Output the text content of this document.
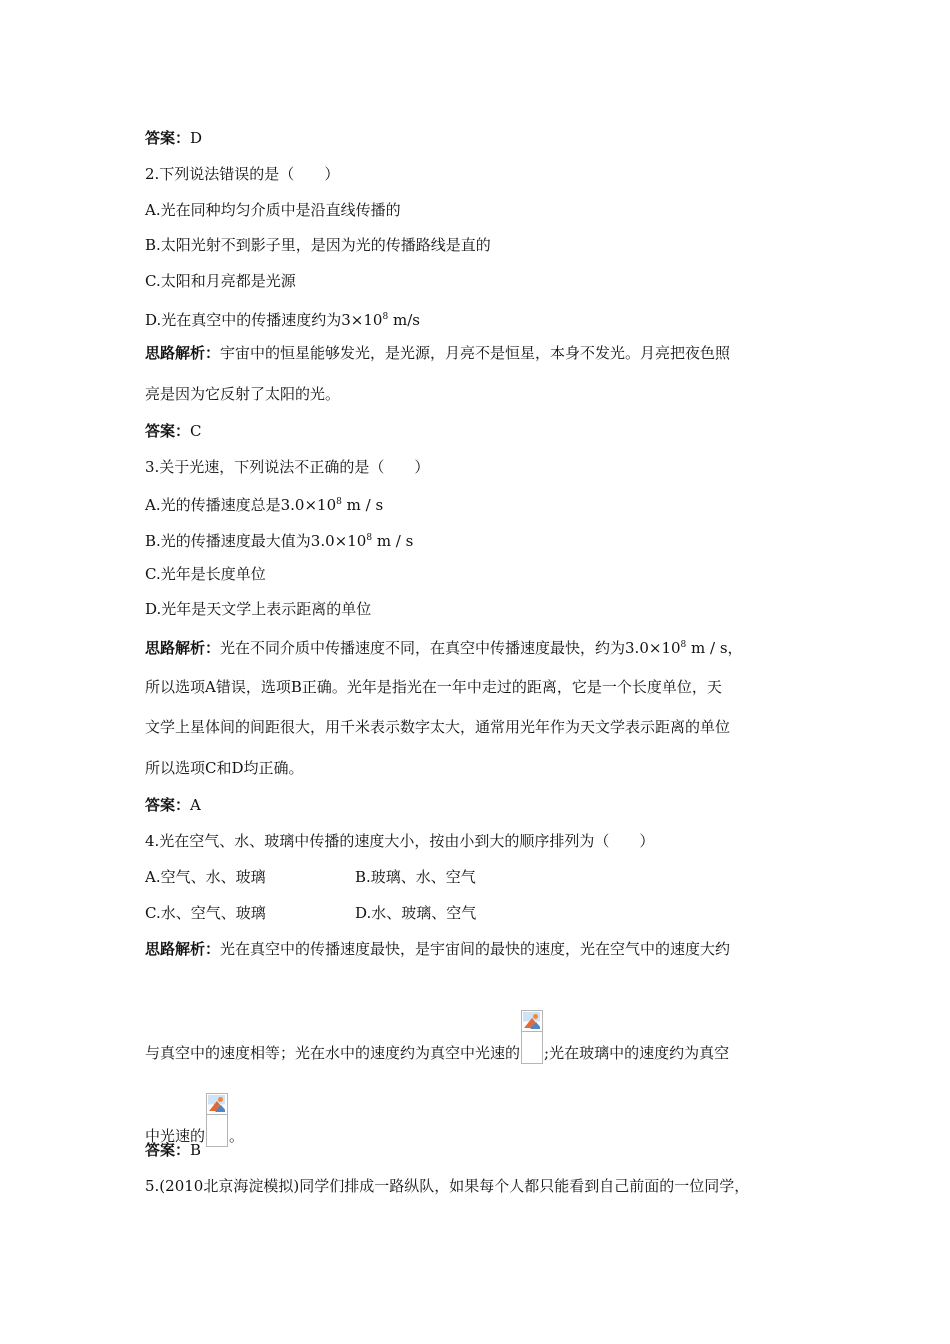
答案：D
2.下列说法错误的是（　　）
A.光在同种均匀介质中是沿直线传播的
B.太阳光射不到影子里，是因为光的传播路线是直的
C.太阳和月亮都是光源
D.光在真空中的传播速度约为$3\times 10^8$ m/s
思路解析：宇宙中的恒星能够发光，是光源，月亮不是恒星，本身不发光。月亮把夜色照
亮是因为它反射了太阳的光。
答案：C
3.关于光速，下列说法不正确的是（　　）
A.光的传播速度总是$3.0\times 10^8$ m / s
B.光的传播速度最大值为$3.0\times 10^8$ m / s
C.光年是长度单位
D.光年是天文学上表示距离的单位
思路解析：光在不同介质中传播速度不同，在真空中传播速度最快，约为$3.0\times 10^8$ m / s，
所以选项A错误，选项B正确。光年是指光在一年中走过的距离，它是一个长度单位，天
文学上星体间的间距很大，用千米表示数字太大，通常用光年作为天文学表示距离的单位
所以选项C和D均正确。
答案：A
4.光在空气、水、玻璃中传播的速度大小，按由小到大的顺序排列为（　　）
A.空气、水、玻璃	B.玻璃、水、空气
C.水、空气、玻璃	D.水、玻璃、空气
思路解析：光在真空中的传播速度最快，是宇宙间的最快的速度，光在空气中的速度大约
与真空中的速度相等；光在水中的速度约为真空中光速的 ;光在玻璃中的速度约为真空
中光速的 。
答案：B
5.(2010北京海淀模拟)同学们排成一路纵队，如果每个人都只能看到自己前面的一位同学，
